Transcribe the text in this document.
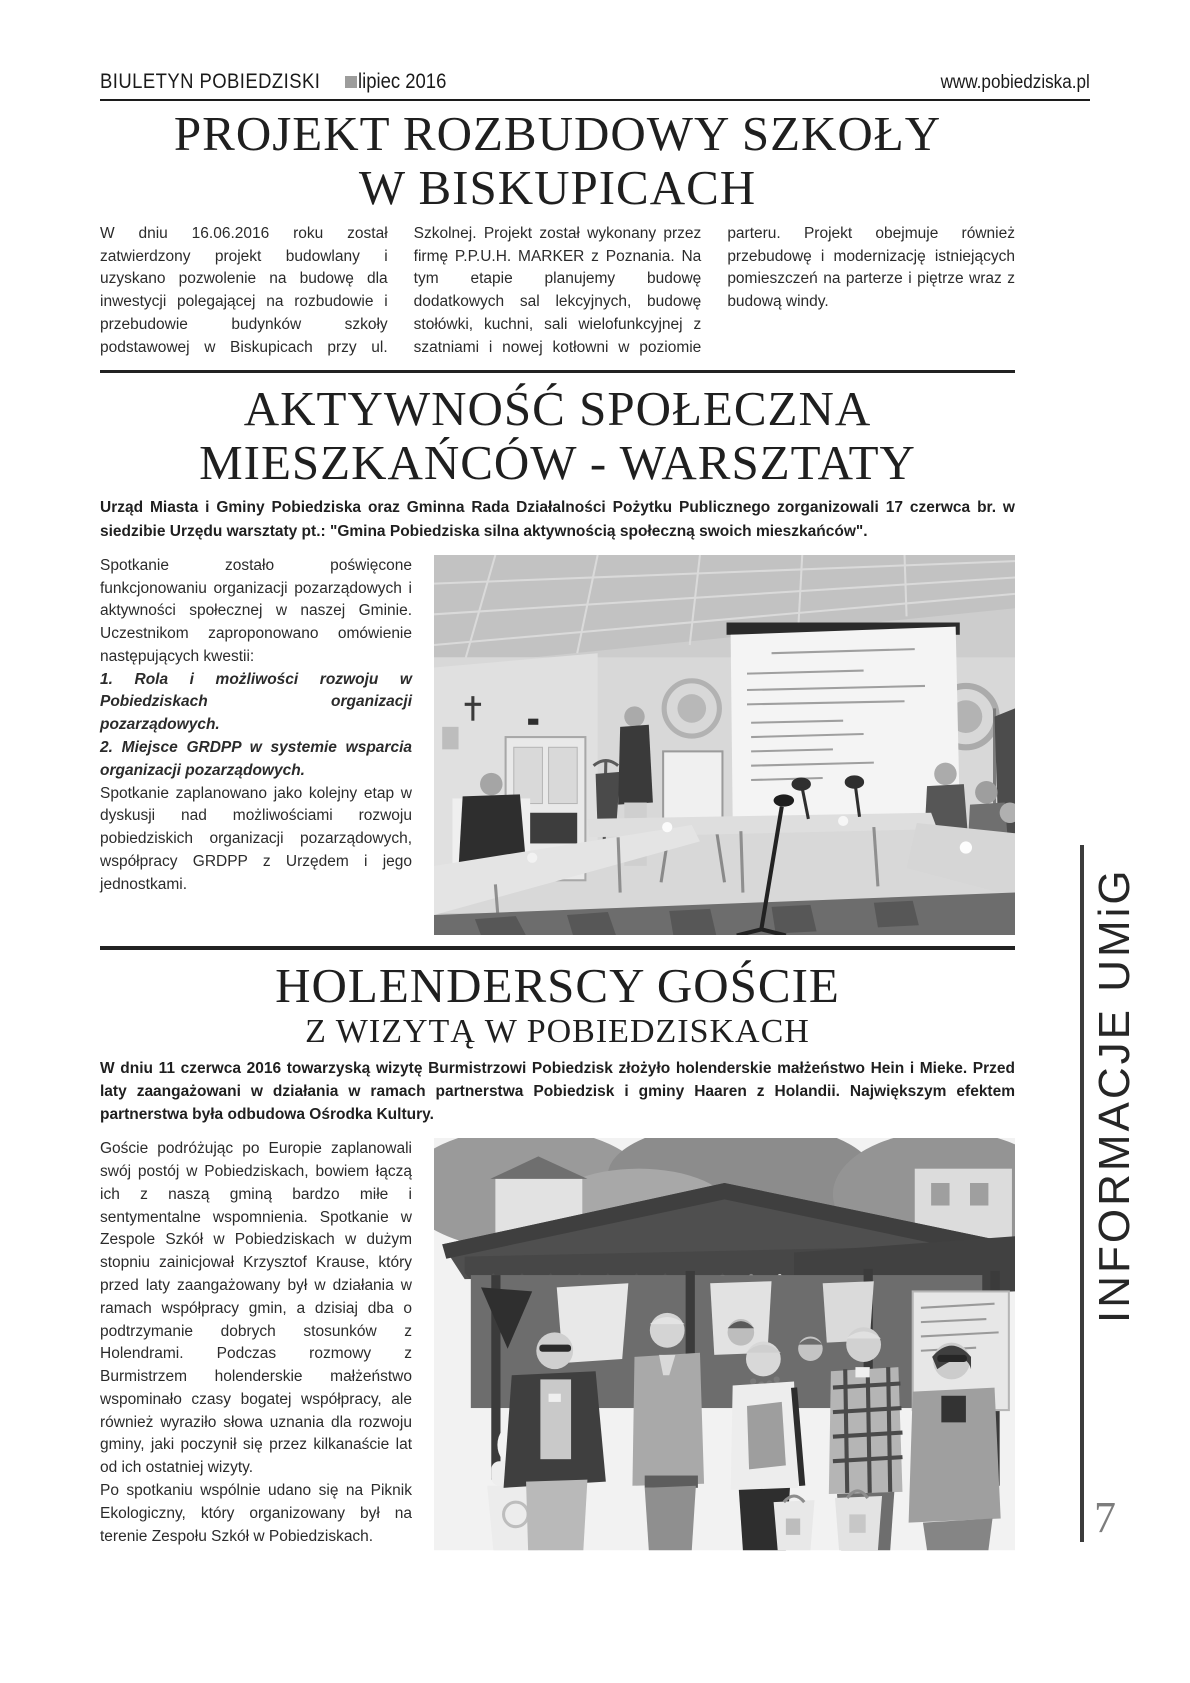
BIULETYN POBIEDZISKI lipiec 2016	www.pobiedziska.pl
PROJEKT ROZBUDOWY SZKOŁY
W BISKUPICACH

W dniu 16.06.2016 roku został zatwierdzony projekt budowlany i uzyskano pozwolenie na budowę dla inwestycji polegającej na rozbudowie i przebudowie budynków szkoły podstawowej w Biskupicach przy ul. Szkolnej. Projekt został wykonany przez firmę P.P.U.H. MARKER z Poznania. Na tym etapie planujemy budowę dodatkowych sal lekcyjnych, budowę stołówki, kuchni, sali wielofunkcyjnej z szatniami i nowej kotłowni w poziomie parteru. Projekt obejmuje również przebudowę i modernizację istniejących pomieszczeń na parterze i piętrze wraz z budową windy.

AKTYWNOŚĆ SPOŁECZNA
MIESZKAŃCÓW - WARSZTATY

Urząd Miasta i Gminy Pobiedziska oraz Gminna Rada Działalności Pożytku Publicznego zorganizowali 17 czerwca br. w siedzibie Urzędu warsztaty pt.: "Gmina Pobiedziska silna aktywnością społeczną swoich mieszkańców".

Spotkanie zostało poświęcone funkcjonowaniu organizacji pozarządowych i aktywności społecznej w naszej Gminie. Uczestnikom zaproponowano omówienie następujących kwestii:

1. Rola i możliwości rozwoju w Pobiedziskach organizacji pozarządowych.

2. Miejsce GRDPP w systemie wsparcia organizacji pozarządowych.

Spotkanie zaplanowano jako kolejny etap w dyskusji nad możliwościami rozwoju pobiedziskich organizacji pozarządowych, współpracy GRDPP z Urzędem i jego jednostkami.

HOLENDERSCY GOŚCIE
Z WIZYTĄ W POBIEDZISKACH

W dniu 11 czerwca 2016 towarzyską wizytę Burmistrzowi Pobiedzisk złożyło holenderskie małżeństwo Hein i Mieke. Przed laty zaangażowani w działania w ramach partnerstwa Pobiedzisk i gminy Haaren z Holandii. Największym efektem partnerstwa była odbudowa Ośrodka Kultury.

Goście podróżując po Europie zaplanowali swój postój w Pobiedziskach, bowiem łączą ich z naszą gminą bardzo miłe i sentymentalne wspomnienia. Spotkanie w Zespole Szkół w Pobiedziskach w dużym stopniu zainicjował Krzysztof Krause, który przed laty zaangażowany był w działania w ramach współpracy gmin, a dzisiaj dba o podtrzymanie dobrych stosunków z Holendrami. Podczas rozmowy z Burmistrzem holenderskie małżeństwo wspominało czasy bogatej współpracy, ale również wyraziło słowa uznania dla rozwoju gminy, jaki poczynił się przez kilkanaście lat od ich ostatniej wizyty.

Po spotkaniu wspólnie udano się na Piknik Ekologiczny, który organizowany był na terenie Zespołu Szkół w Pobiedziskach.

INFORMACJE UMiG
7
